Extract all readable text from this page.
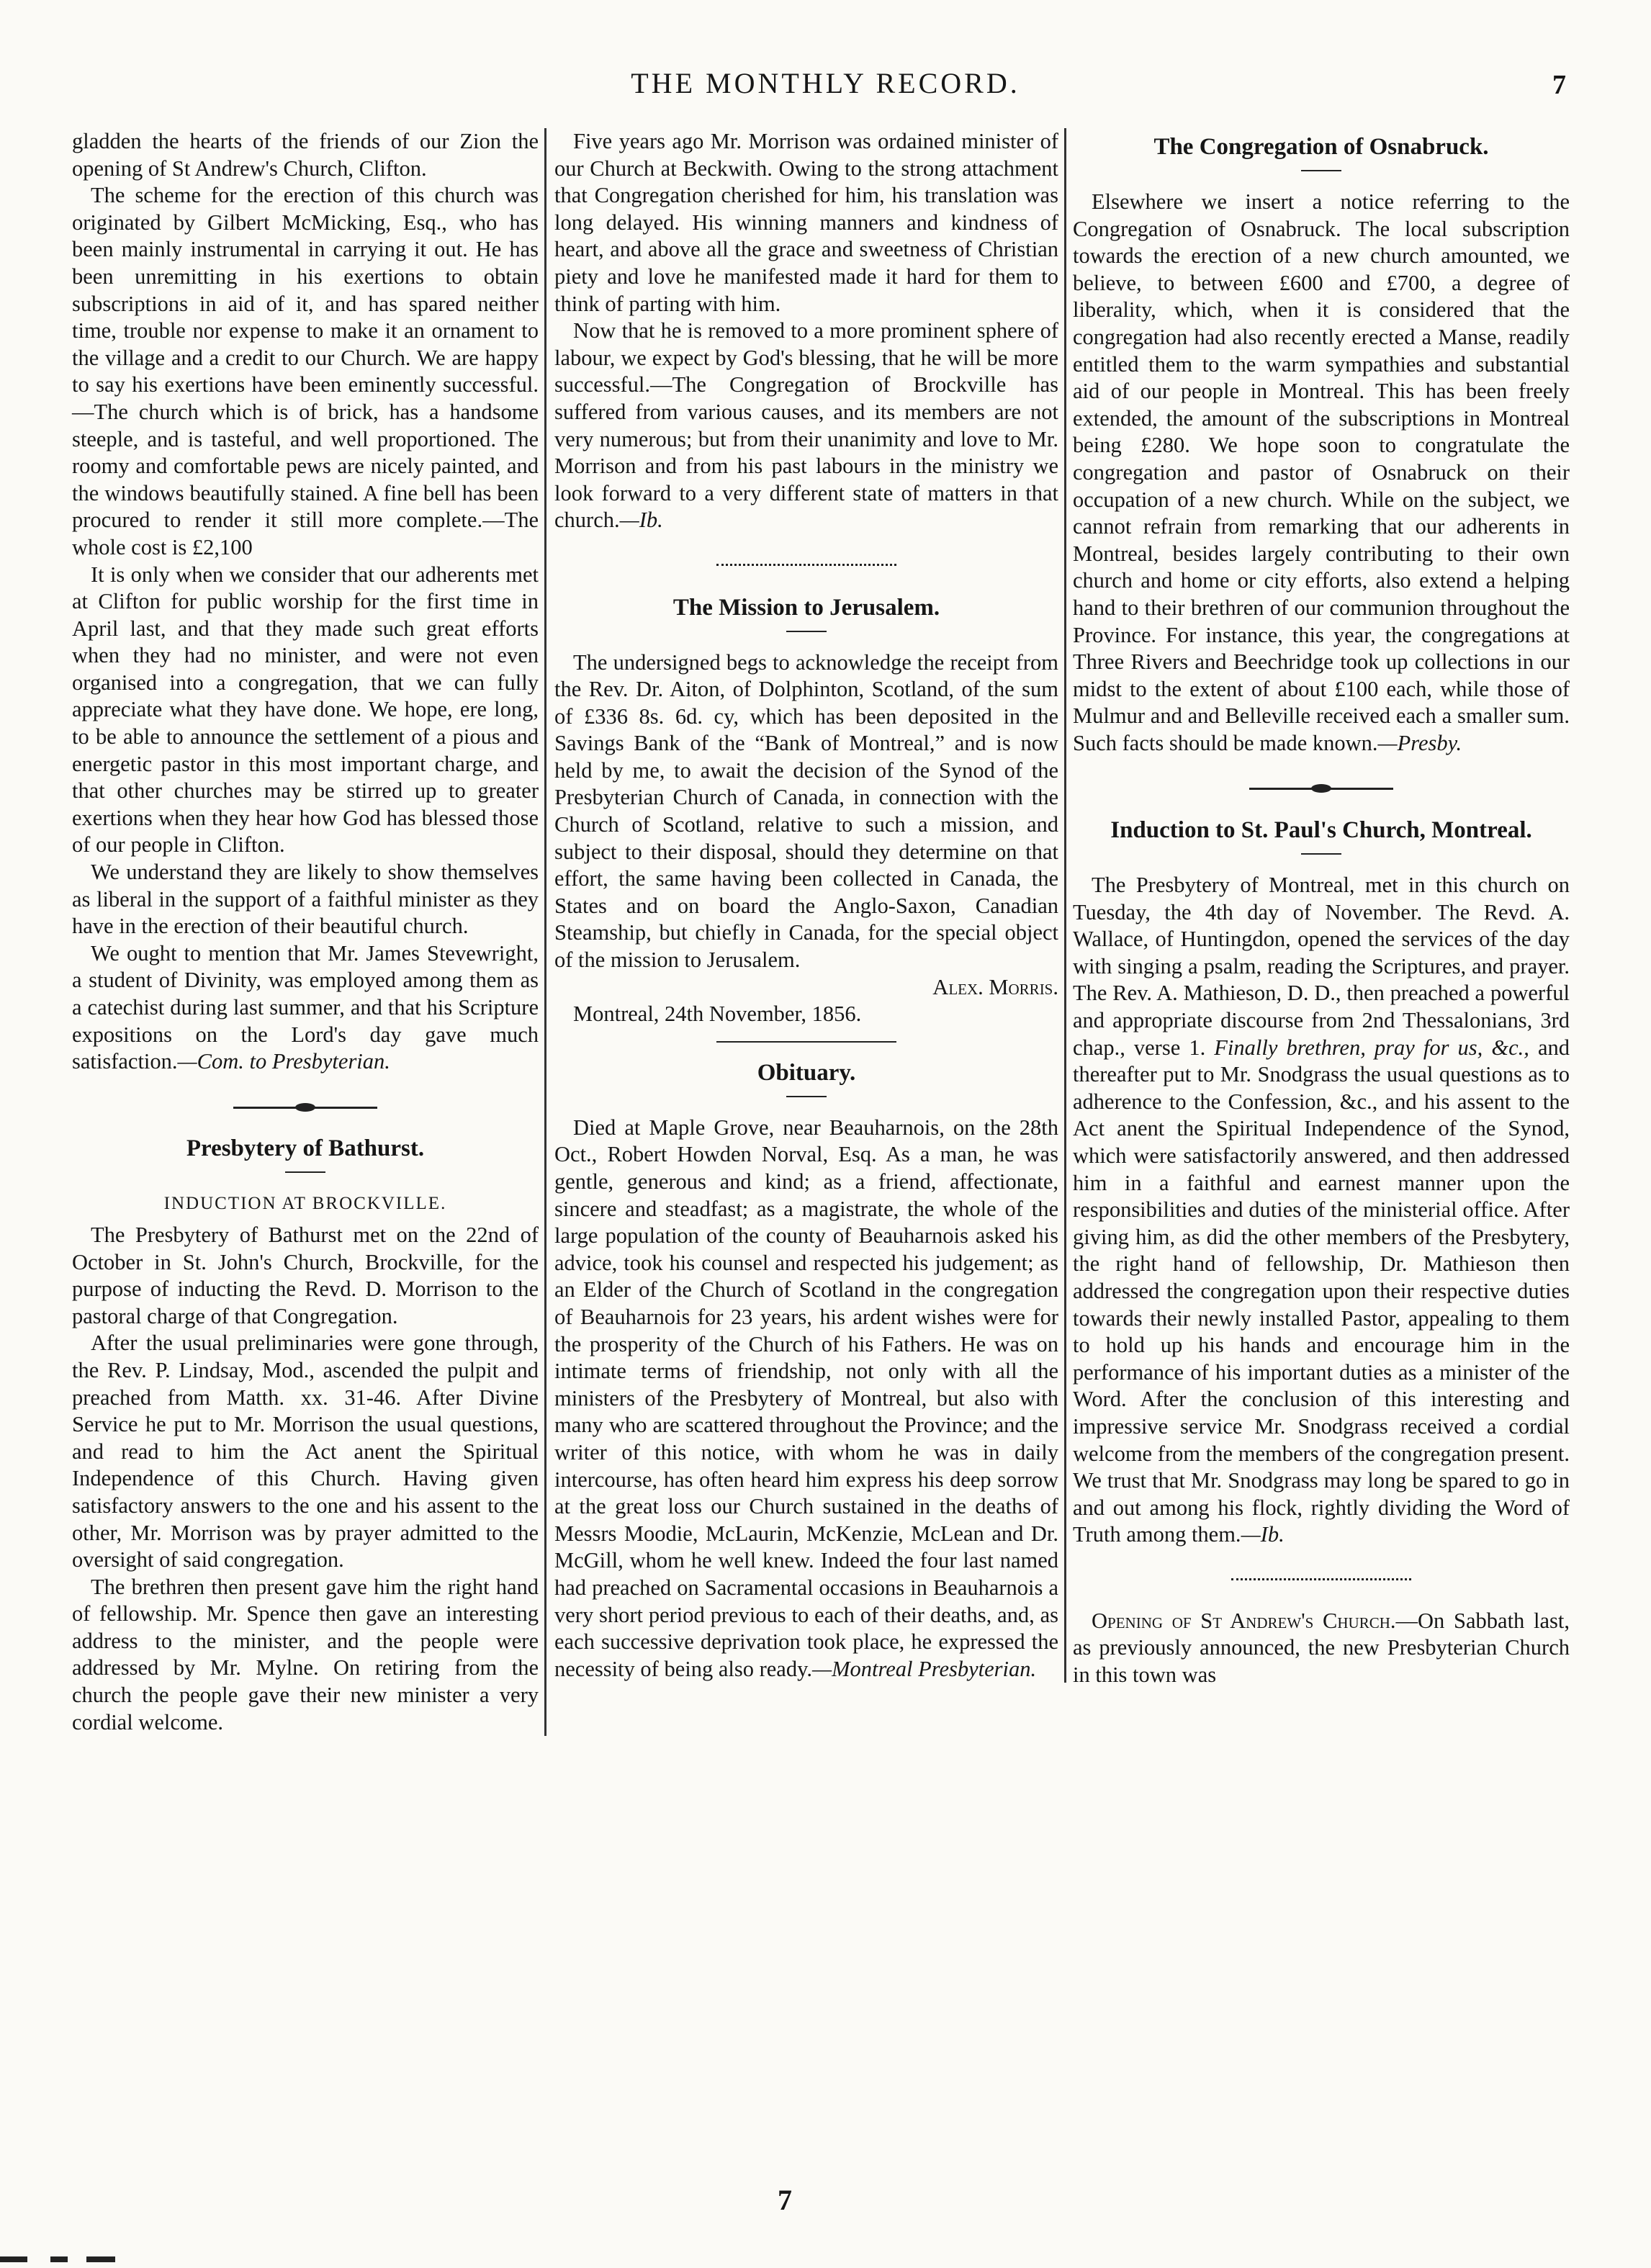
THE MONTHLY RECORD.	7

gladden the hearts of the friends of our Zion the opening of St Andrew's Church, Clifton.

The scheme for the erection of this church was originated by Gilbert McMicking, Esq., who has been mainly instrumental in carrying it out. He has been unremitting in his exertions to obtain subscriptions in aid of it, and has spared neither time, trouble nor expense to make it an ornament to the village and a credit to our Church. We are happy to say his exertions have been eminently successful.—The church which is of brick, has a handsome steeple, and is tasteful, and well proportioned. The roomy and comfortable pews are nicely painted, and the windows beautifully stained. A fine bell has been procured to render it still more complete.—The whole cost is £2,100

It is only when we consider that our adherents met at Clifton for public worship for the first time in April last, and that they made such great efforts when they had no minister, and were not even organised into a congregation, that we can fully appreciate what they have done. We hope, ere long, to be able to announce the settlement of a pious and energetic pastor in this most important charge, and that other churches may be stirred up to greater exertions when they hear how God has blessed those of our people in Clifton.

We understand they are likely to show themselves as liberal in the support of a faithful minister as they have in the erection of their beautiful church.

We ought to mention that Mr. James Stevewright, a student of Divinity, was employed among them as a catechist during last summer, and that his Scripture expositions on the Lord's day gave much satisfaction.—Com. to Presbyterian.

Presbytery of Bathurst.
INDUCTION AT BROCKVILLE.

The Presbytery of Bathurst met on the 22nd of October in St. John's Church, Brockville, for the purpose of inducting the Revd. D. Morrison to the pastoral charge of that Congregation.

After the usual preliminaries were gone through, the Rev. P. Lindsay, Mod., ascended the pulpit and preached from Matth. xx. 31-46. After Divine Service he put to Mr. Morrison the usual questions, and read to him the Act anent the Spiritual Independence of this Church. Having given satisfactory answers to the one and his assent to the other, Mr. Morrison was by prayer admitted to the oversight of said congregation.

The brethren then present gave him the right hand of fellowship. Mr. Spence then gave an interesting address to the minister, and the people were addressed by Mr. Mylne. On retiring from the church the people gave their new minister a very cordial welcome.

Five years ago Mr. Morrison was ordained minister of our Church at Beckwith. Owing to the strong attachment that Congregation cherished for him, his translation was long delayed. His winning manners and kindness of heart, and above all the grace and sweetness of Christian piety and love he manifested made it hard for them to think of parting with him.

Now that he is removed to a more prominent sphere of labour, we expect by God's blessing, that he will be more successful.—The Congregation of Brockville has suffered from various causes, and its members are not very numerous; but from their unanimity and love to Mr. Morrison and from his past labours in the ministry we look forward to a very different state of matters in that church.—Ib.

The Mission to Jerusalem.

The undersigned begs to acknowledge the receipt from the Rev. Dr. Aiton, of Dolphinton, Scotland, of the sum of £336 8s. 6d. cy, which has been deposited in the Savings Bank of the “Bank of Montreal,” and is now held by me, to await the decision of the Synod of the Presbyterian Church of Canada, in connection with the Church of Scotland, relative to such a mission, and subject to their disposal, should they determine on that effort, the same having been collected in Canada, the States and on board the Anglo-Saxon, Canadian Steamship, but chiefly in Canada, for the special object of the mission to Jerusalem.

Alex. Morris.

Montreal, 24th November, 1856.

Obituary.

Died at Maple Grove, near Beauharnois, on the 28th Oct., Robert Howden Norval, Esq. As a man, he was gentle, generous and kind; as a friend, affectionate, sincere and steadfast; as a magistrate, the whole of the large population of the county of Beauharnois asked his advice, took his counsel and respected his judgement; as an Elder of the Church of Scotland in the congregation of Beauharnois for 23 years, his ardent wishes were for the prosperity of the Church of his Fathers. He was on intimate terms of friendship, not only with all the ministers of the Presbytery of Montreal, but also with many who are scattered throughout the Province; and the writer of this notice, with whom he was in daily intercourse, has often heard him express his deep sorrow at the great loss our Church sustained in the deaths of Messrs Moodie, McLaurin, McKenzie, McLean and Dr. McGill, whom he well knew. Indeed the four last named had preached on Sacramental occasions in Beauharnois a very short period previous to each of their deaths, and, as each successive deprivation took place, he expressed the necessity of being also ready.—Montreal Presbyterian.

The Congregation of Osnabruck.

Elsewhere we insert a notice referring to the Congregation of Osnabruck. The local subscription towards the erection of a new church amounted, we believe, to between £600 and £700, a degree of liberality, which, when it is considered that the congregation had also recently erected a Manse, readily entitled them to the warm sympathies and substantial aid of our people in Montreal. This has been freely extended, the amount of the subscriptions in Montreal being £280. We hope soon to congratulate the congregation and pastor of Osnabruck on their occupation of a new church. While on the subject, we cannot refrain from remarking that our adherents in Montreal, besides largely contributing to their own church and home or city efforts, also extend a helping hand to their brethren of our communion throughout the Province. For instance, this year, the congregations at Three Rivers and Beechridge took up collections in our midst to the extent of about £100 each, while those of Mulmur and and Belleville received each a smaller sum. Such facts should be made known.—Presby.

Induction to St. Paul's Church, Montreal.

The Presbytery of Montreal, met in this church on Tuesday, the 4th day of November. The Revd. A. Wallace, of Huntingdon, opened the services of the day with singing a psalm, reading the Scriptures, and prayer. The Rev. A. Mathieson, D. D., then preached a powerful and appropriate discourse from 2nd Thessalonians, 3rd chap., verse 1. Finally brethren, pray for us, &c., and thereafter put to Mr. Snodgrass the usual questions as to adherence to the Confession, &c., and his assent to the Act anent the Spiritual Independence of the Synod, which were satisfactorily answered, and then addressed him in a faithful and earnest manner upon the responsibilities and duties of the ministerial office. After giving him, as did the other members of the Presbytery, the right hand of fellowship, Dr. Mathieson then addressed the congregation upon their respective duties towards their newly installed Pastor, appealing to them to hold up his hands and encourage him in the performance of his important duties as a minister of the Word. After the conclusion of this interesting and impressive service Mr. Snodgrass received a cordial welcome from the members of the congregation present. We trust that Mr. Snodgrass may long be spared to go in and out among his flock, rightly dividing the Word of Truth among them.—Ib.

Opening of St Andrew's Church.—On Sabbath last, as previously announced, the new Presbyterian Church in this town was

7
